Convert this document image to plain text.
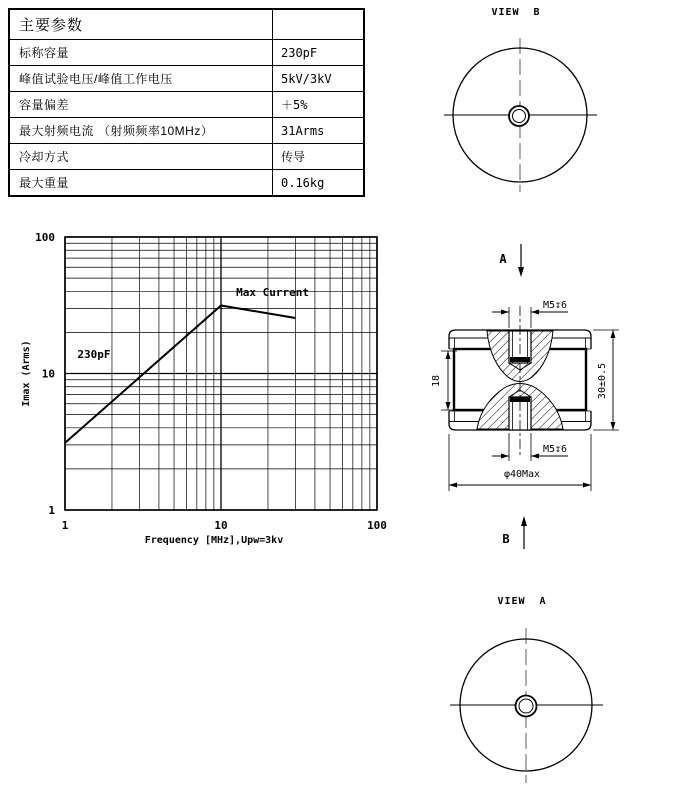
1	10	100
1
10
100
Frequency [MHz],Upw=3kv
Imax (Arms)	230pF
Max Current
VIEW B
A
M5↧6
M5↧6
18	30±0.5
φ40Max
B
VIEW A
主要参数
标称容量	230pF
峰值试验电压/峰值工作电压	5kV/3kV
容量偏差	＋5%
最大射频电流 （射频频率10MHz）	31Arms
冷却方式	传导
最大重量	0.16kg
